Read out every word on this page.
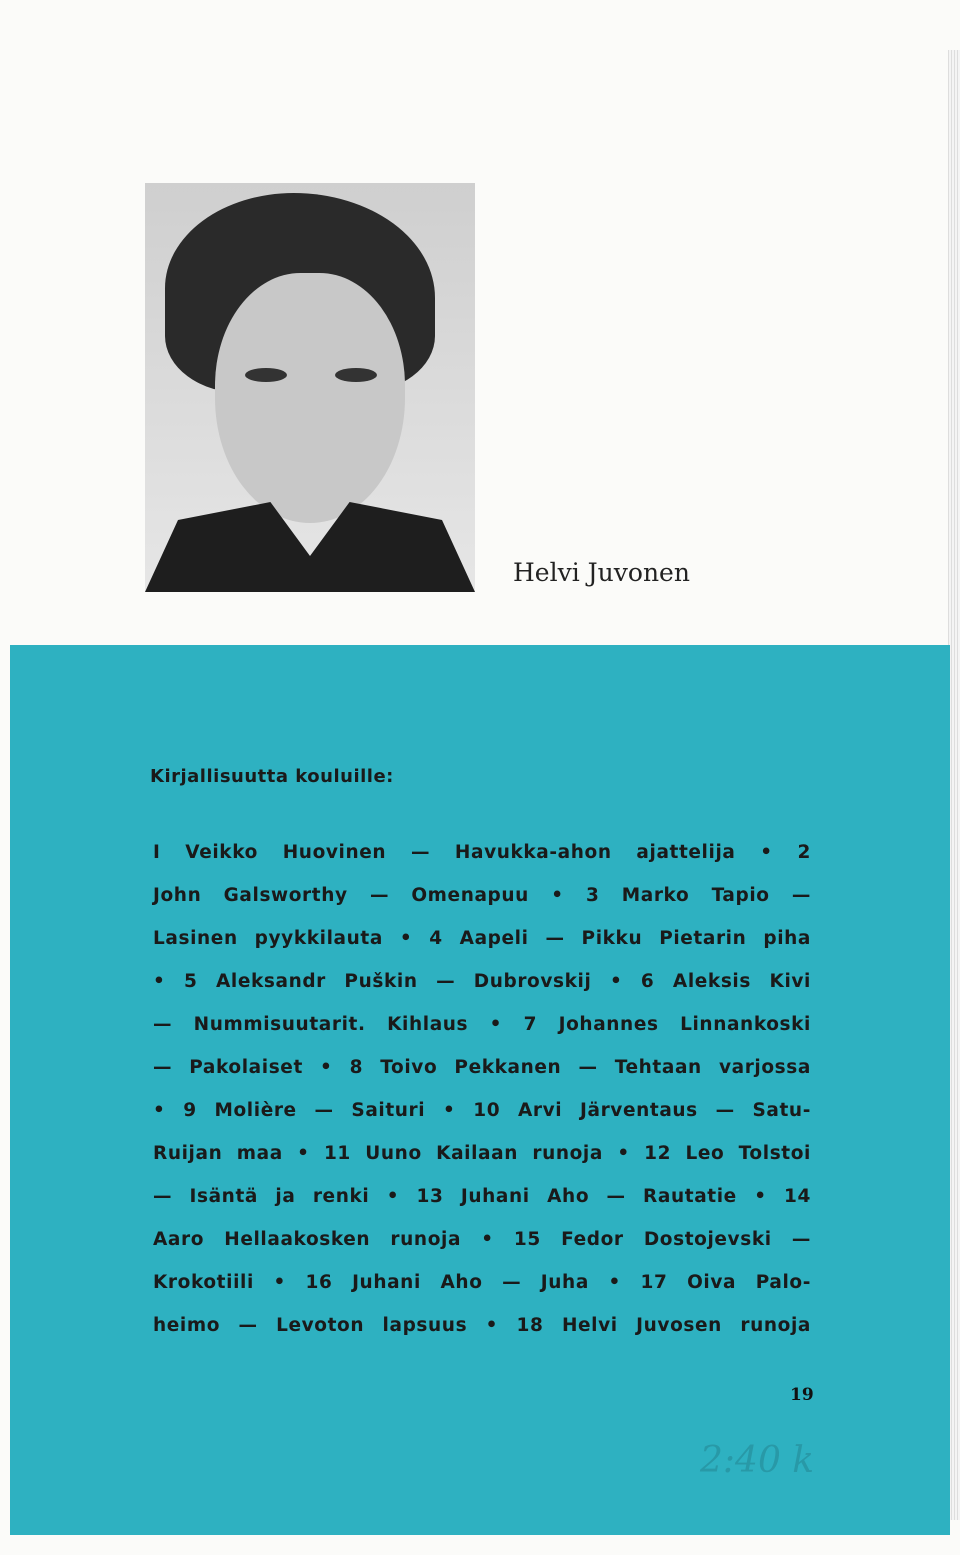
Helvi Juvonen
Kirjallisuutta kouluille:
I Veikko Huovinen — Havukka-ahon ajattelija • 2
John Galsworthy — Omenapuu • 3 Marko Tapio —
Lasinen pyykkilauta • 4 Aapeli — Pikku Pietarin piha
• 5 Aleksandr Puškin — Dubrovskij • 6 Aleksis Kivi
— Nummisuutarit. Kihlaus • 7 Johannes Linnankoski
— Pakolaiset • 8 Toivo Pekkanen — Tehtaan varjossa
• 9 Molière — Saituri • 10 Arvi Järventaus — Satu-
Ruijan maa • 11 Uuno Kailaan runoja • 12 Leo Tolstoi
— Isäntä ja renki • 13 Juhani Aho — Rautatie • 14
Aaro Hellaakosken runoja • 15 Fedor Dostojevski —
Krokotiili • 16 Juhani Aho — Juha • 17 Oiva Palo-
heimo — Levoton lapsuus • 18 Helvi Juvosen runoja
19
2:40 k
